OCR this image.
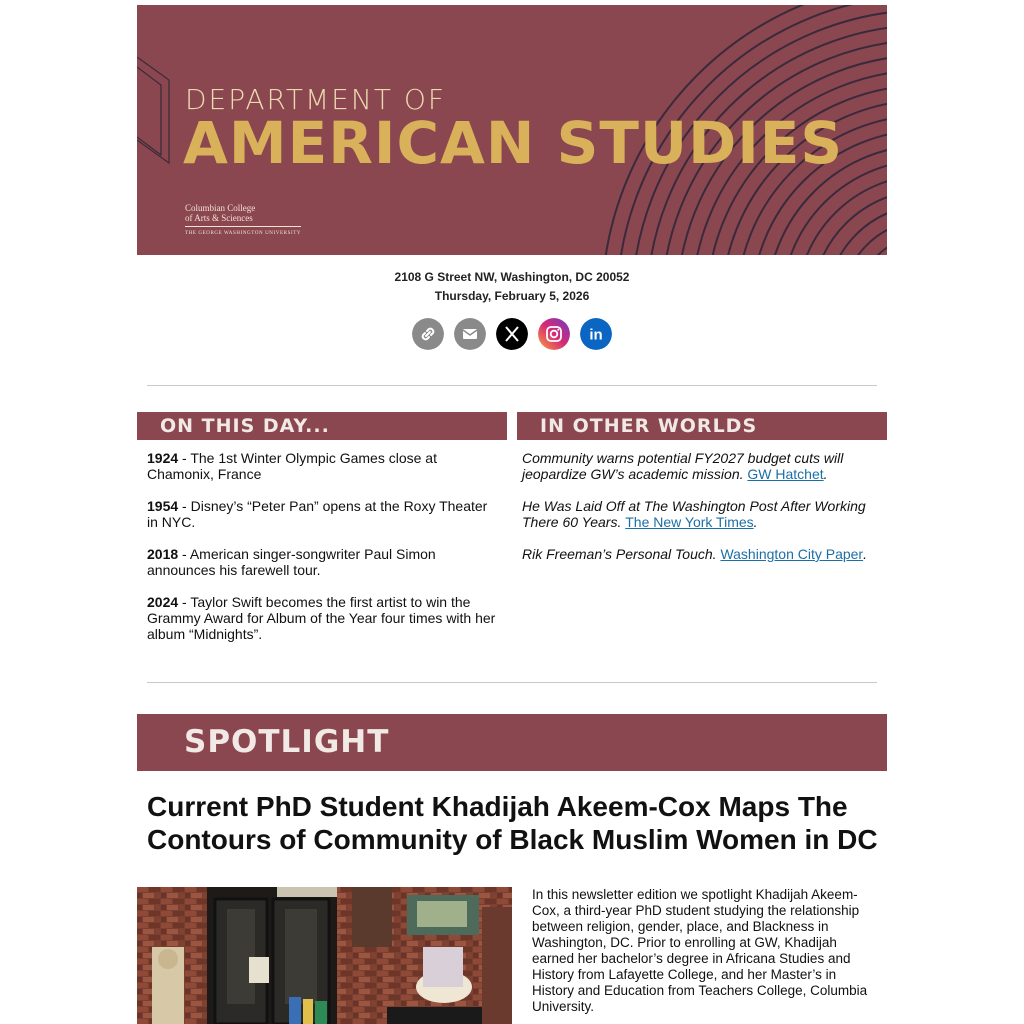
DEPARTMENT OF
AMERICAN STUDIES
Columbian College
of Arts & Sciences
THE GEORGE WASHINGTON UNIVERSITY
2108 G Street NW, Washington, DC 20052
Thursday, February 5, 2026
in
ON THIS DAY...	IN OTHER WORLDS

1924 - The 1st Winter Olympic Games close at Chamonix, France

1954 - Disney’s “Peter Pan” opens at the Roxy Theater in NYC.

2018 - American singer-songwriter Paul Simon announces his farewell tour.

2024 - Taylor Swift becomes the first artist to win the Grammy Award for Album of the Year four times with her album “Midnights”.

Community warns potential FY2027 budget cuts will jeopardize GW’s academic mission. GW Hatchet.

He Was Laid Off at The Washington Post After Working There 60 Years. The New York Times.

Rik Freeman’s Personal Touch. Washington City Paper.

SPOTLIGHT
Current PhD Student Khadijah Akeem-Cox Maps The Contours of Community of Black Muslim Women in DC
In this newsletter edition we spotlight Khadijah Akeem-Cox, a third-year PhD student studying the relationship between religion, gender, place, and Blackness in Washington, DC. Prior to enrolling at GW, Khadijah earned her bachelor’s degree in Africana Studies and History from Lafayette College, and her Master’s in History and Education from Teachers College, Columbia University.
